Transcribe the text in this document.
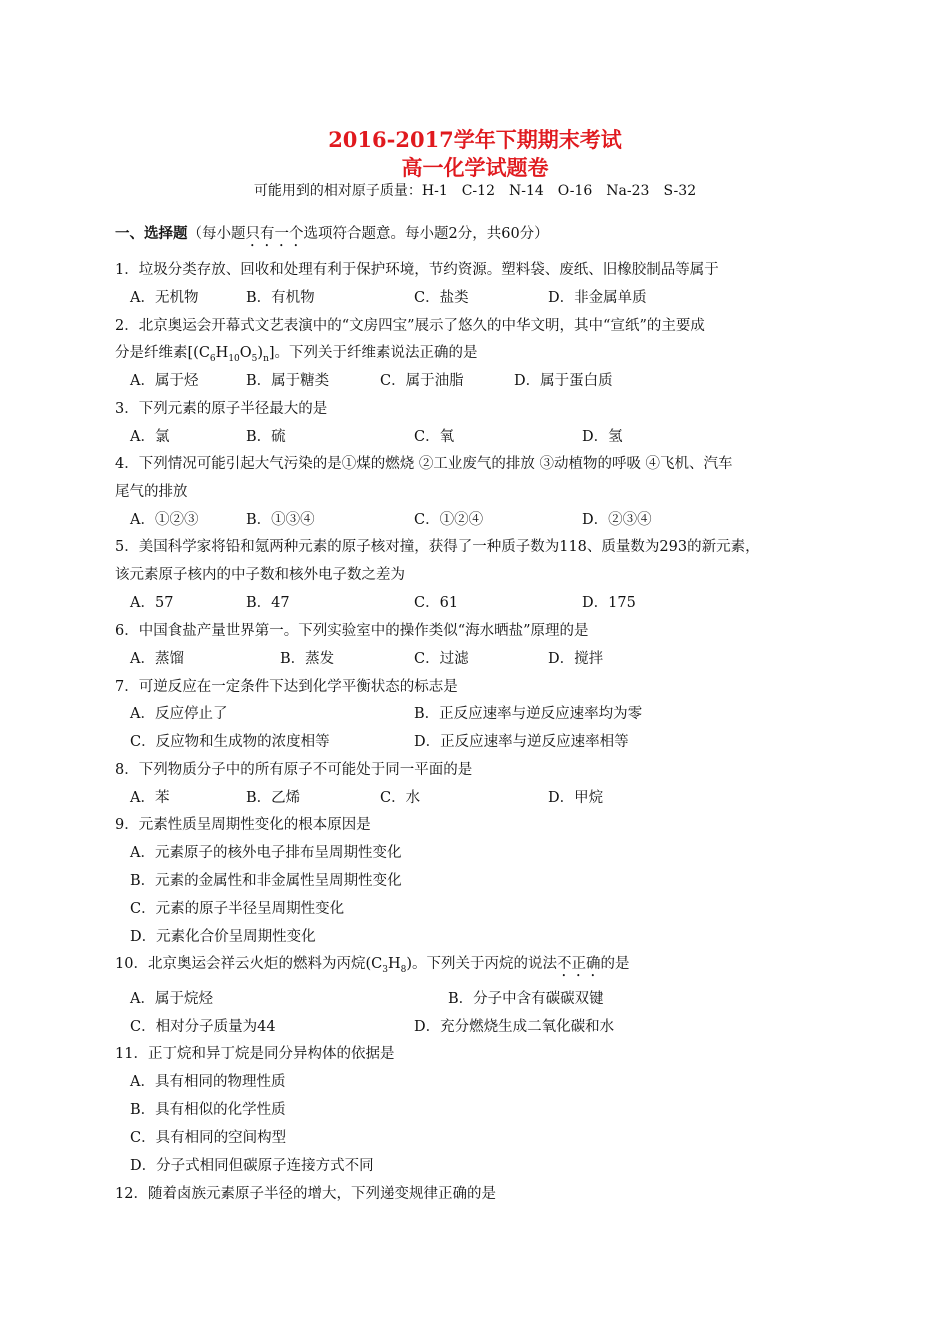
2016-2017学年下期期末考试
高一化学试题卷
可能用到的相对原子质量：H-1　C-12　N-14　O-16　Na-23　S-32
一、选择题（每小题只有一个选项符合题意。每小题2分，共60分）
1．垃圾分类存放、回收和处理有利于保护环境，节约资源。塑料袋、废纸、旧橡胶制品等属于
A．无机物	B．有机物	C．盐类	D．非金属单质
2．北京奥运会开幕式文艺表演中的“文房四宝”展示了悠久的中华文明，其中“宣纸”的主要成
分是纤维素$[(C_6H_{10}O_5)_n]$。下列关于纤维素说法正确的是
A．属于烃	B．属于糖类	C．属于油脂	D．属于蛋白质
3．下列元素的原子半径最大的是
A．氯	B．硫	C．氧	D．氢
4．下列情况可能引起大气污染的是①煤的燃烧 ②工业废气的排放 ③动植物的呼吸 ④飞机、汽车
尾气的排放
A．①②③	B．①③④	C．①②④	D．②③④
5．美国科学家将铅和氪两种元素的原子核对撞，获得了一种质子数为118、质量数为293的新元素，
该元素原子核内的中子数和核外电子数之差为
A．57	B．47	C．61	D．175
6．中国食盐产量世界第一。下列实验室中的操作类似“海水晒盐”原理的是
A．蒸馏	B．蒸发	C．过滤	D．搅拌
7．可逆反应在一定条件下达到化学平衡状态的标志是
A．反应停止了	B．正反应速率与逆反应速率均为零
C．反应物和生成物的浓度相等	D．正反应速率与逆反应速率相等
8．下列物质分子中的所有原子不可能处于同一平面的是
A．苯	B．乙烯	C．水	D．甲烷
9．元素性质呈周期性变化的根本原因是
A．元素原子的核外电子排布呈周期性变化
B．元素的金属性和非金属性呈周期性变化
C．元素的原子半径呈周期性变化
D．元素化合价呈周期性变化
10．北京奥运会祥云火炬的燃料为丙烷$(C_3H_8)$。下列关于丙烷的说法不正确的是
A．属于烷烃	B．分子中含有碳碳双键
C．相对分子质量为44	D．充分燃烧生成二氧化碳和水
11．正丁烷和异丁烷是同分异构体的依据是
A．具有相同的物理性质
B．具有相似的化学性质
C．具有相同的空间构型
D．分子式相同但碳原子连接方式不同
12．随着卤族元素原子半径的增大，下列递变规律正确的是
